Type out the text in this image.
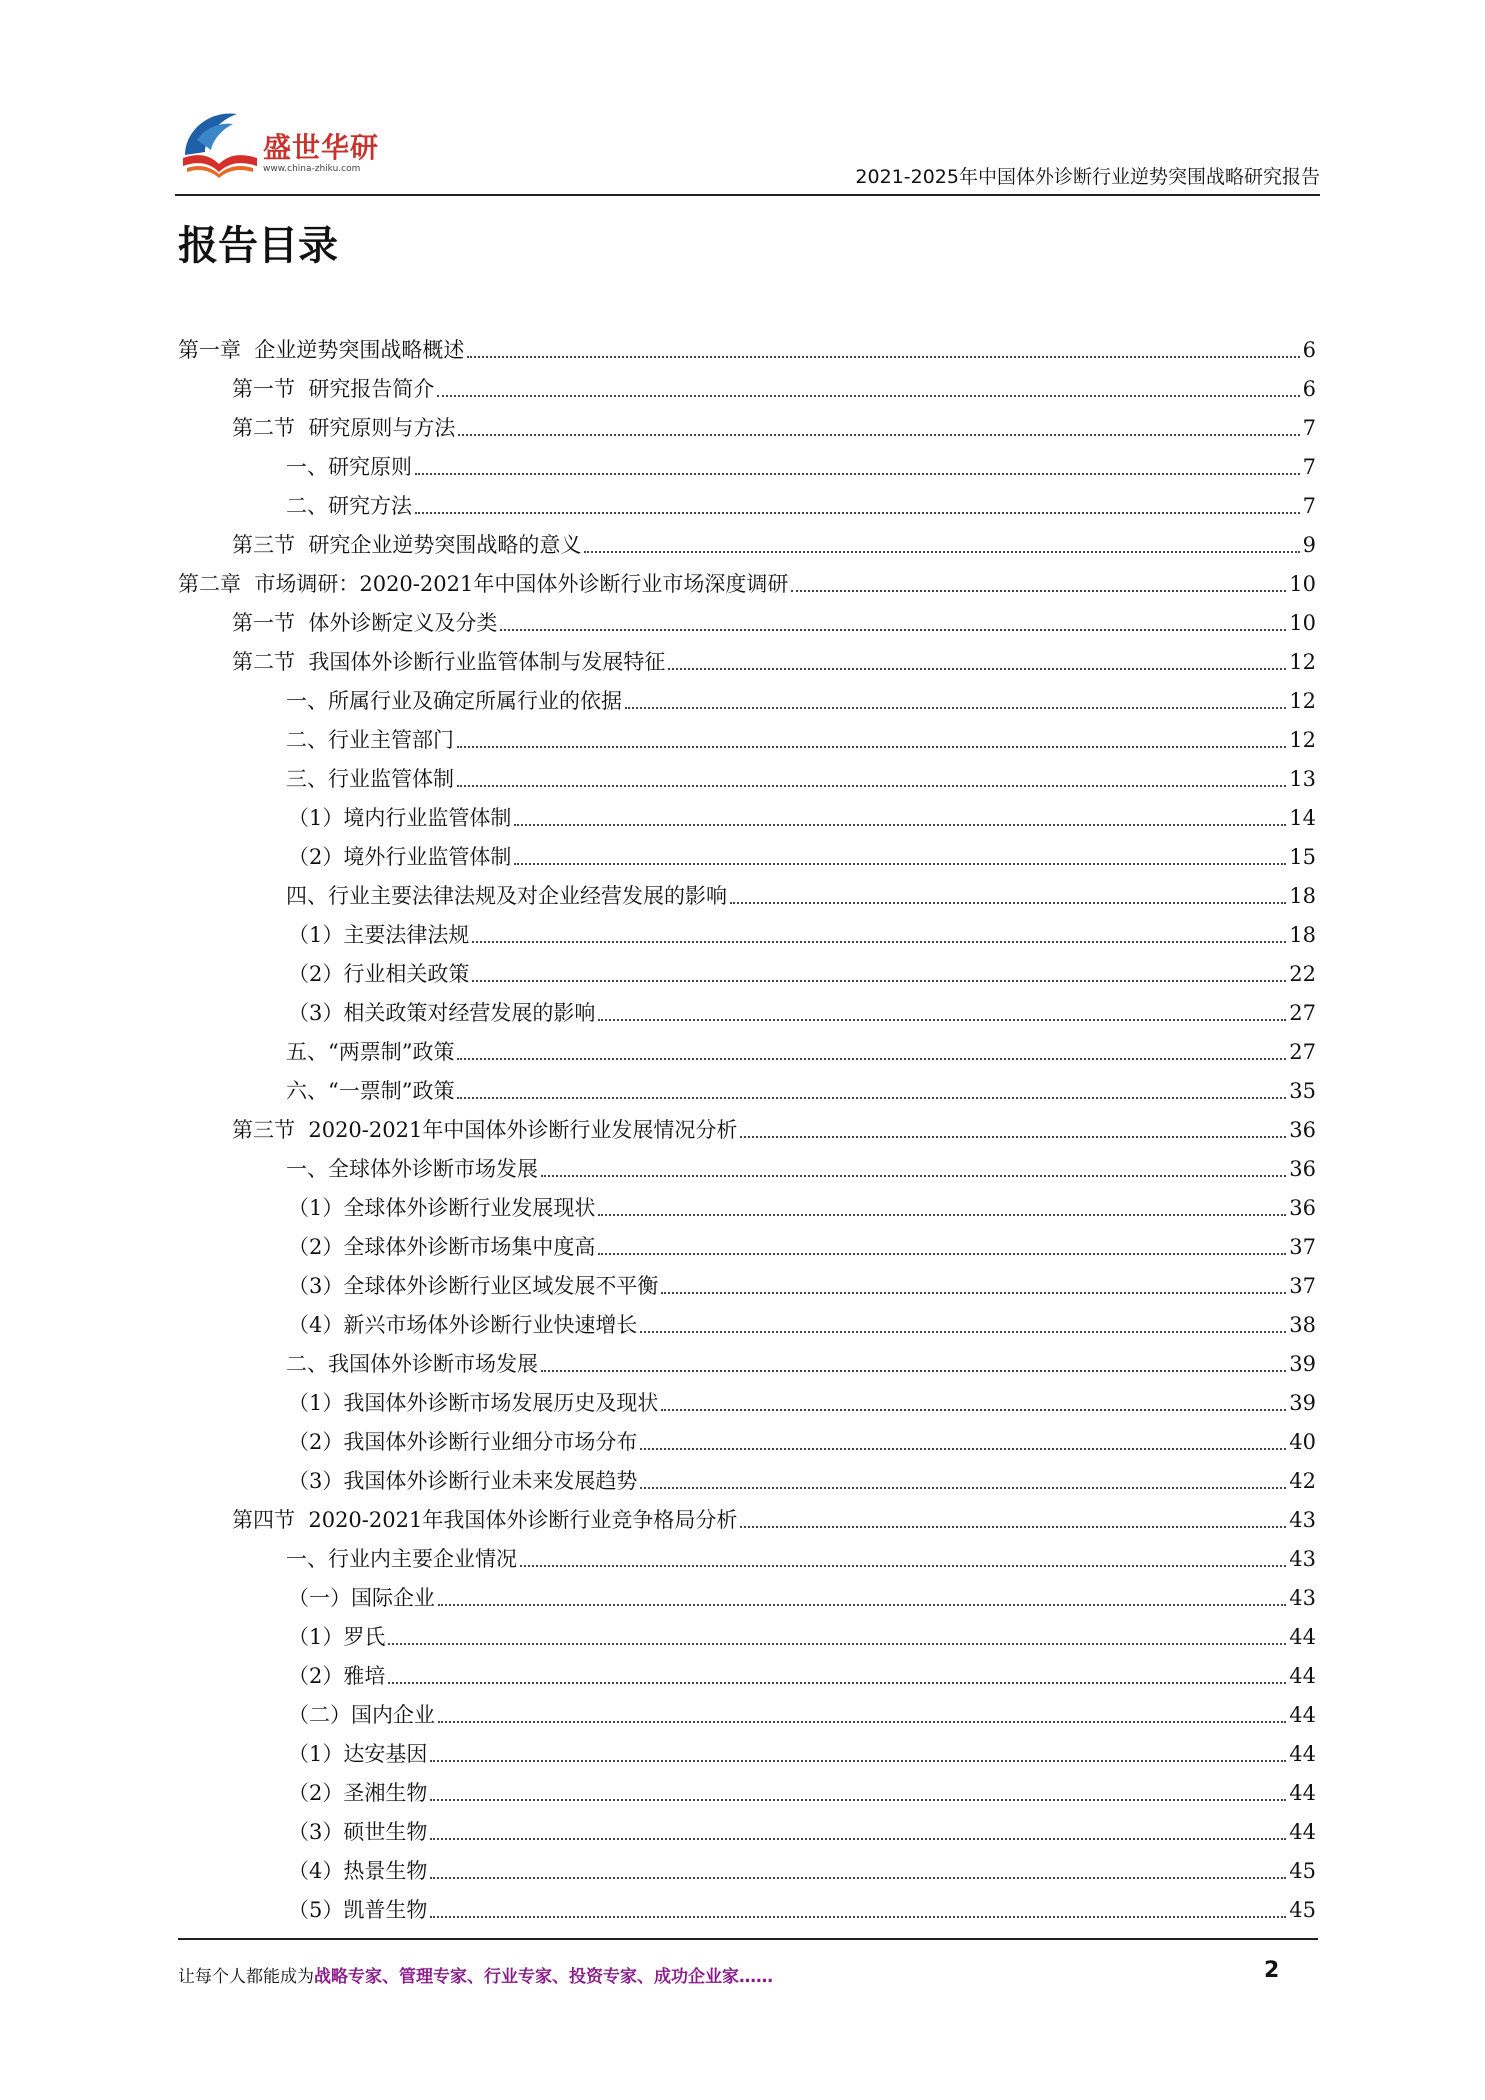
盛世华研
www.china-zhiku.com	2021-2025年中国体外诊断行业逆势突围战略研究报告
报告目录
第一章  企业逆势突围战略概述	6
第一节  研究报告简介	6
第二节  研究原则与方法	7
一、研究原则	7
二、研究方法	7
第三节  研究企业逆势突围战略的意义	9
第二章  市场调研：2020-2021年中国体外诊断行业市场深度调研	10
第一节  体外诊断定义及分类	10
第二节  我国体外诊断行业监管体制与发展特征	12
一、所属行业及确定所属行业的依据	12
二、行业主管部门	12
三、行业监管体制	13
（1）境内行业监管体制	14
（2）境外行业监管体制	15
四、行业主要法律法规及对企业经营发展的影响	18
（1）主要法律法规	18
（2）行业相关政策	22
（3）相关政策对经营发展的影响	27
五、“两票制”政策	27
六、“一票制”政策	35
第三节  2020-2021年中国体外诊断行业发展情况分析	36
一、全球体外诊断市场发展	36
（1）全球体外诊断行业发展现状	36
（2）全球体外诊断市场集中度高	37
（3）全球体外诊断行业区域发展不平衡	37
（4）新兴市场体外诊断行业快速增长	38
二、我国体外诊断市场发展	39
（1）我国体外诊断市场发展历史及现状	39
（2）我国体外诊断行业细分市场分布	40
（3）我国体外诊断行业未来发展趋势	42
第四节  2020-2021年我国体外诊断行业竞争格局分析	43
一、行业内主要企业情况	43
（一）国际企业	43
（1）罗氏	44
（2）雅培	44
（二）国内企业	44
（1）达安基因	44
（2）圣湘生物	44
（3）硕世生物	44
（4）热景生物	45
（5）凯普生物	45
让每个人都能成为战略专家、管理专家、行业专家、投资专家、成功企业家……	2
